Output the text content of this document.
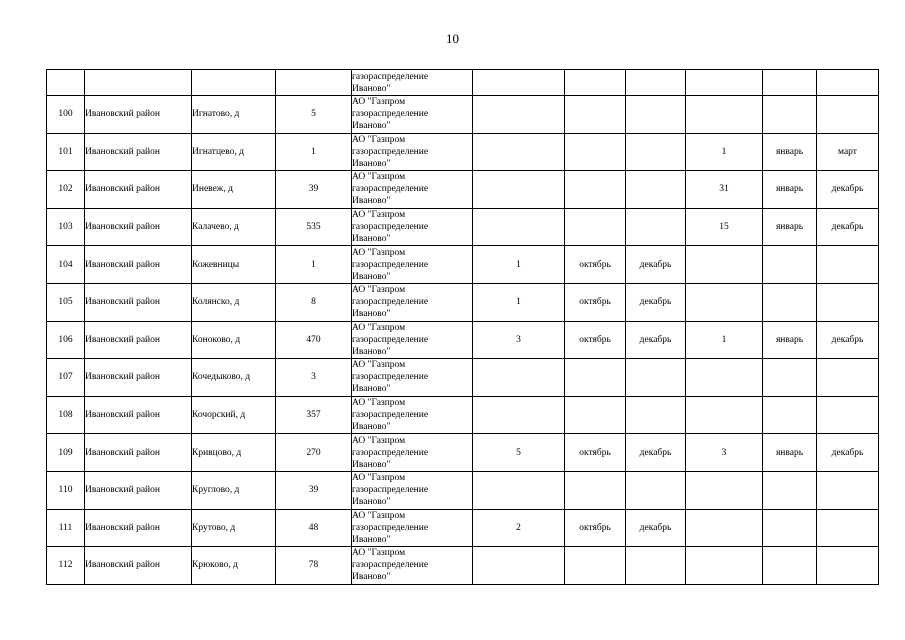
10

				газораспределение
Иваново"						

100	Ивановский район	Игнатово, д	5	АО "Газпром
газораспределение
Иваново"						

101	Ивановский район	Игнатцево, д	1	АО "Газпром
газораспределение
Иваново"				1	январь	март
102	Ивановский район	Иневеж, д	39	АО "Газпром
газораспределение
Иваново"				31	январь	декабрь
103	Ивановский район	Калачево, д	535	АО "Газпром
газораспределение
Иваново"				15	январь	декабрь
104	Ивановский район	Кожевницы	1	АО "Газпром
газораспределение
Иваново"	1	октябрь	декабрь			
105	Ивановский район	Колянско, д	8	АО "Газпром
газораспределение
Иваново"	1	октябрь	декабрь			
106	Ивановский район	Коноково, д	470	АО "Газпром
газораспределение
Иваново"	3	октябрь	декабрь	1	январь	декабрь
107	Ивановский район	Кочедыково, д	3	АО "Газпром
газораспределение
Иваново"						

108	Ивановский район	Кочорский, д	357	АО "Газпром
газораспределение
Иваново"						

109	Ивановский район	Кривцово, д	270	АО "Газпром
газораспределение
Иваново"	5	октябрь	декабрь	3	январь	декабрь
110	Ивановский район	Круглово, д	39	АО "Газпром
газораспределение
Иваново"						

111	Ивановский район	Крутово, д	48	АО "Газпром
газораспределение
Иваново"	2	октябрь	декабрь			
112	Ивановский район	Крюково, д	78	АО "Газпром
газораспределение
Иваново"						
